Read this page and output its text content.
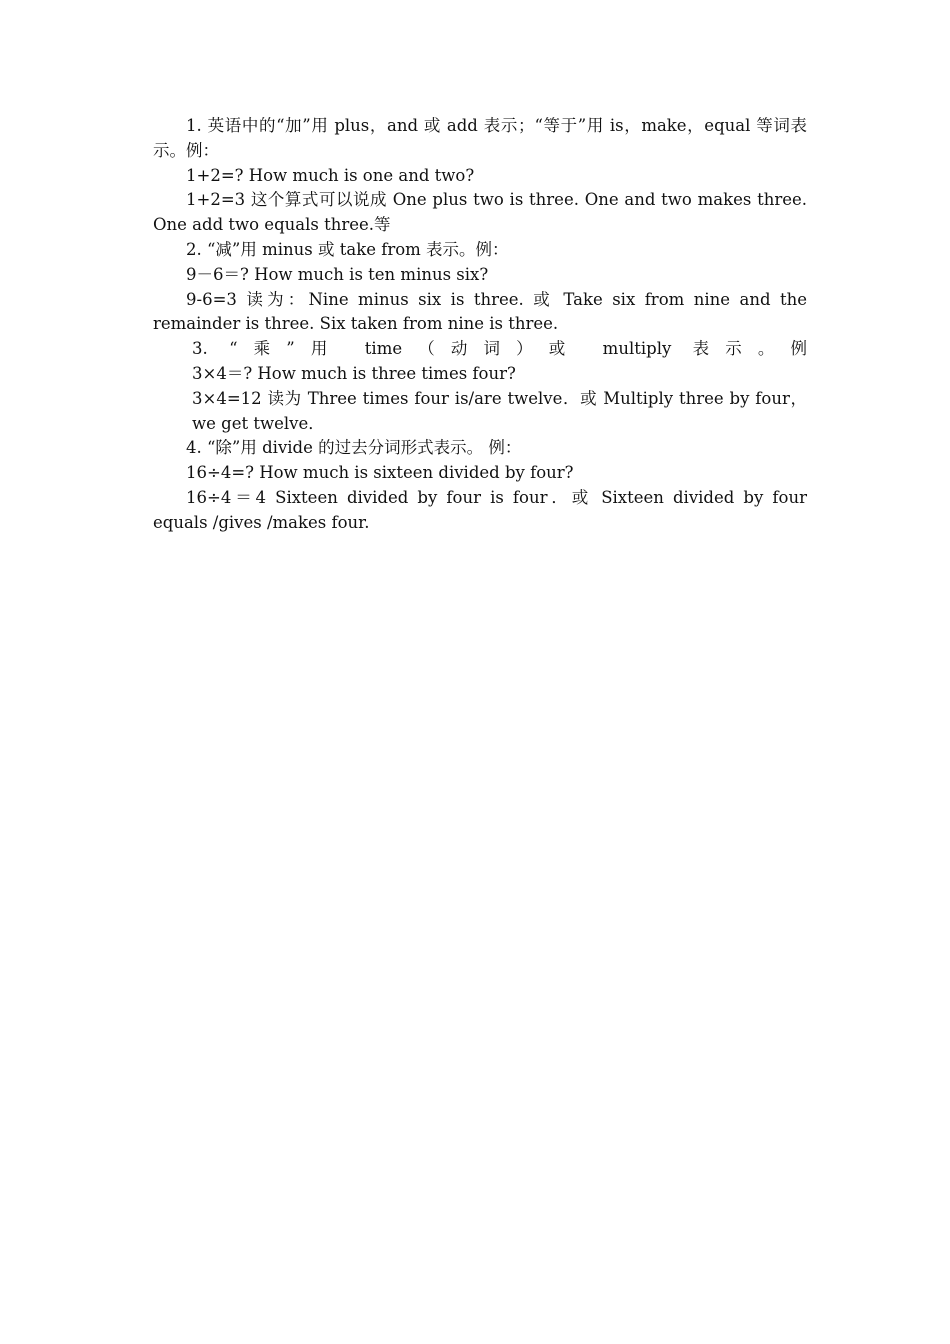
1. 英语中的“加”用 plus，and 或 add 表示；“等于”用 is，make，equal 等词表示。例：

1+2=? How much is one and two?

1+2=3 这个算式可以说成 One plus two is three. One and two makes three. One add two equals three.等

2. “减”用 minus 或 take from 表示。例：

9－6＝? How much is ten minus six?

9-6=3 读为：Nine minus six is three. 或 Take six from nine and the remainder is three. Six taken from nine is three.

3. “乘”用 time（动词）或 multiply 表示。例

3×4＝? How much is three times four?

3×4=12 读为 Three times four is/are twelve．或 Multiply three by four，

we get twelve．

4. “除”用 divide 的过去分词形式表示。 例：

16÷4=? How much is sixteen divided by four?

16÷4＝4 Sixteen divided by four is four．或 Sixteen divided by four equals /gives /makes four.
